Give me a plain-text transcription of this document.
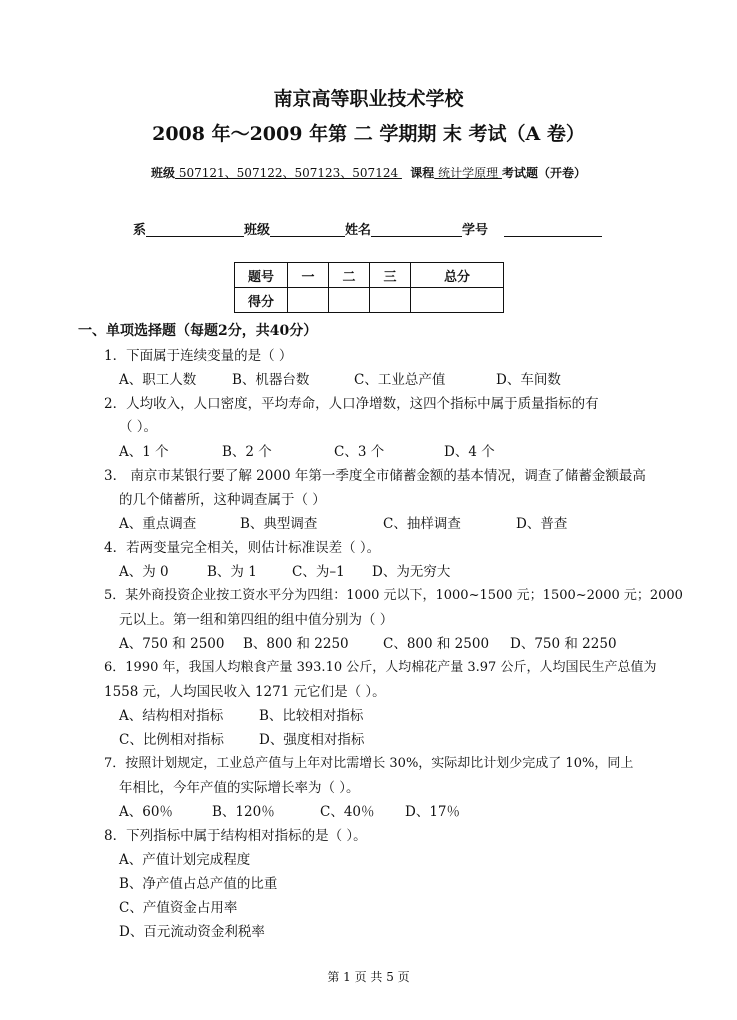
南京高等职业技术学校
2008 年～2009 年第 二 学期期 末 考试（A 卷）
班级 507121、507122、507123、507124   课程 统计学原理 考试题（开卷）
系	班级	姓名	学号
题号	一	二	三	总分
得分				
一、单项选择题（每题2分，共40分）
1．下面属于连续变量的是（ ）
A、职工人数	B、机器台数	C、工业总产值	D、车间数
2．人均收入，人口密度，平均寿命，人口净增数，这四个指标中属于质量指标的有
（ ）。
A、1 个	B、2 个	C、3 个	D、4 个
3． 南京市某银行要了解 2000 年第一季度全市储蓄金额的基本情况，调查了储蓄金额最高
的几个储蓄所，这种调查属于（ ）
A、重点调查	B、典型调查	C、抽样调查	D、普查
4．若两变量完全相关，则估计标准误差（ ）。
A、为 0	B、为 1	C、为–1 D、为无穷大
5．某外商投资企业按工资水平分为四组：1000 元以下，1000~1500 元；1500~2000 元；2000
元以上。第一组和第四组的组中值分别为（ ）
A、750 和 2500 B、800 和 2250	C、800 和 2500 D、750 和 2250
6．1990 年，我国人均粮食产量 393.10 公斤，人均棉花产量 3.97 公斤，人均国民生产总值为
1558 元，人均国民收入 1271 元它们是（ ）。
A、结构相对指标	B、比较相对指标
C、比例相对指标	D、强度相对指标
7．按照计划规定，工业总产值与上年对比需增长 30%，实际却比计划少完成了 10%，同上
年相比，今年产值的实际增长率为（ ）。
A、60％	B、120％	C、40％ D、17％
8．下列指标中属于结构相对指标的是（ ）。
A、产值计划完成程度
B、净产值占总产值的比重
C、产值资金占用率
D、百元流动资金利税率
第 1 页 共 5 页
